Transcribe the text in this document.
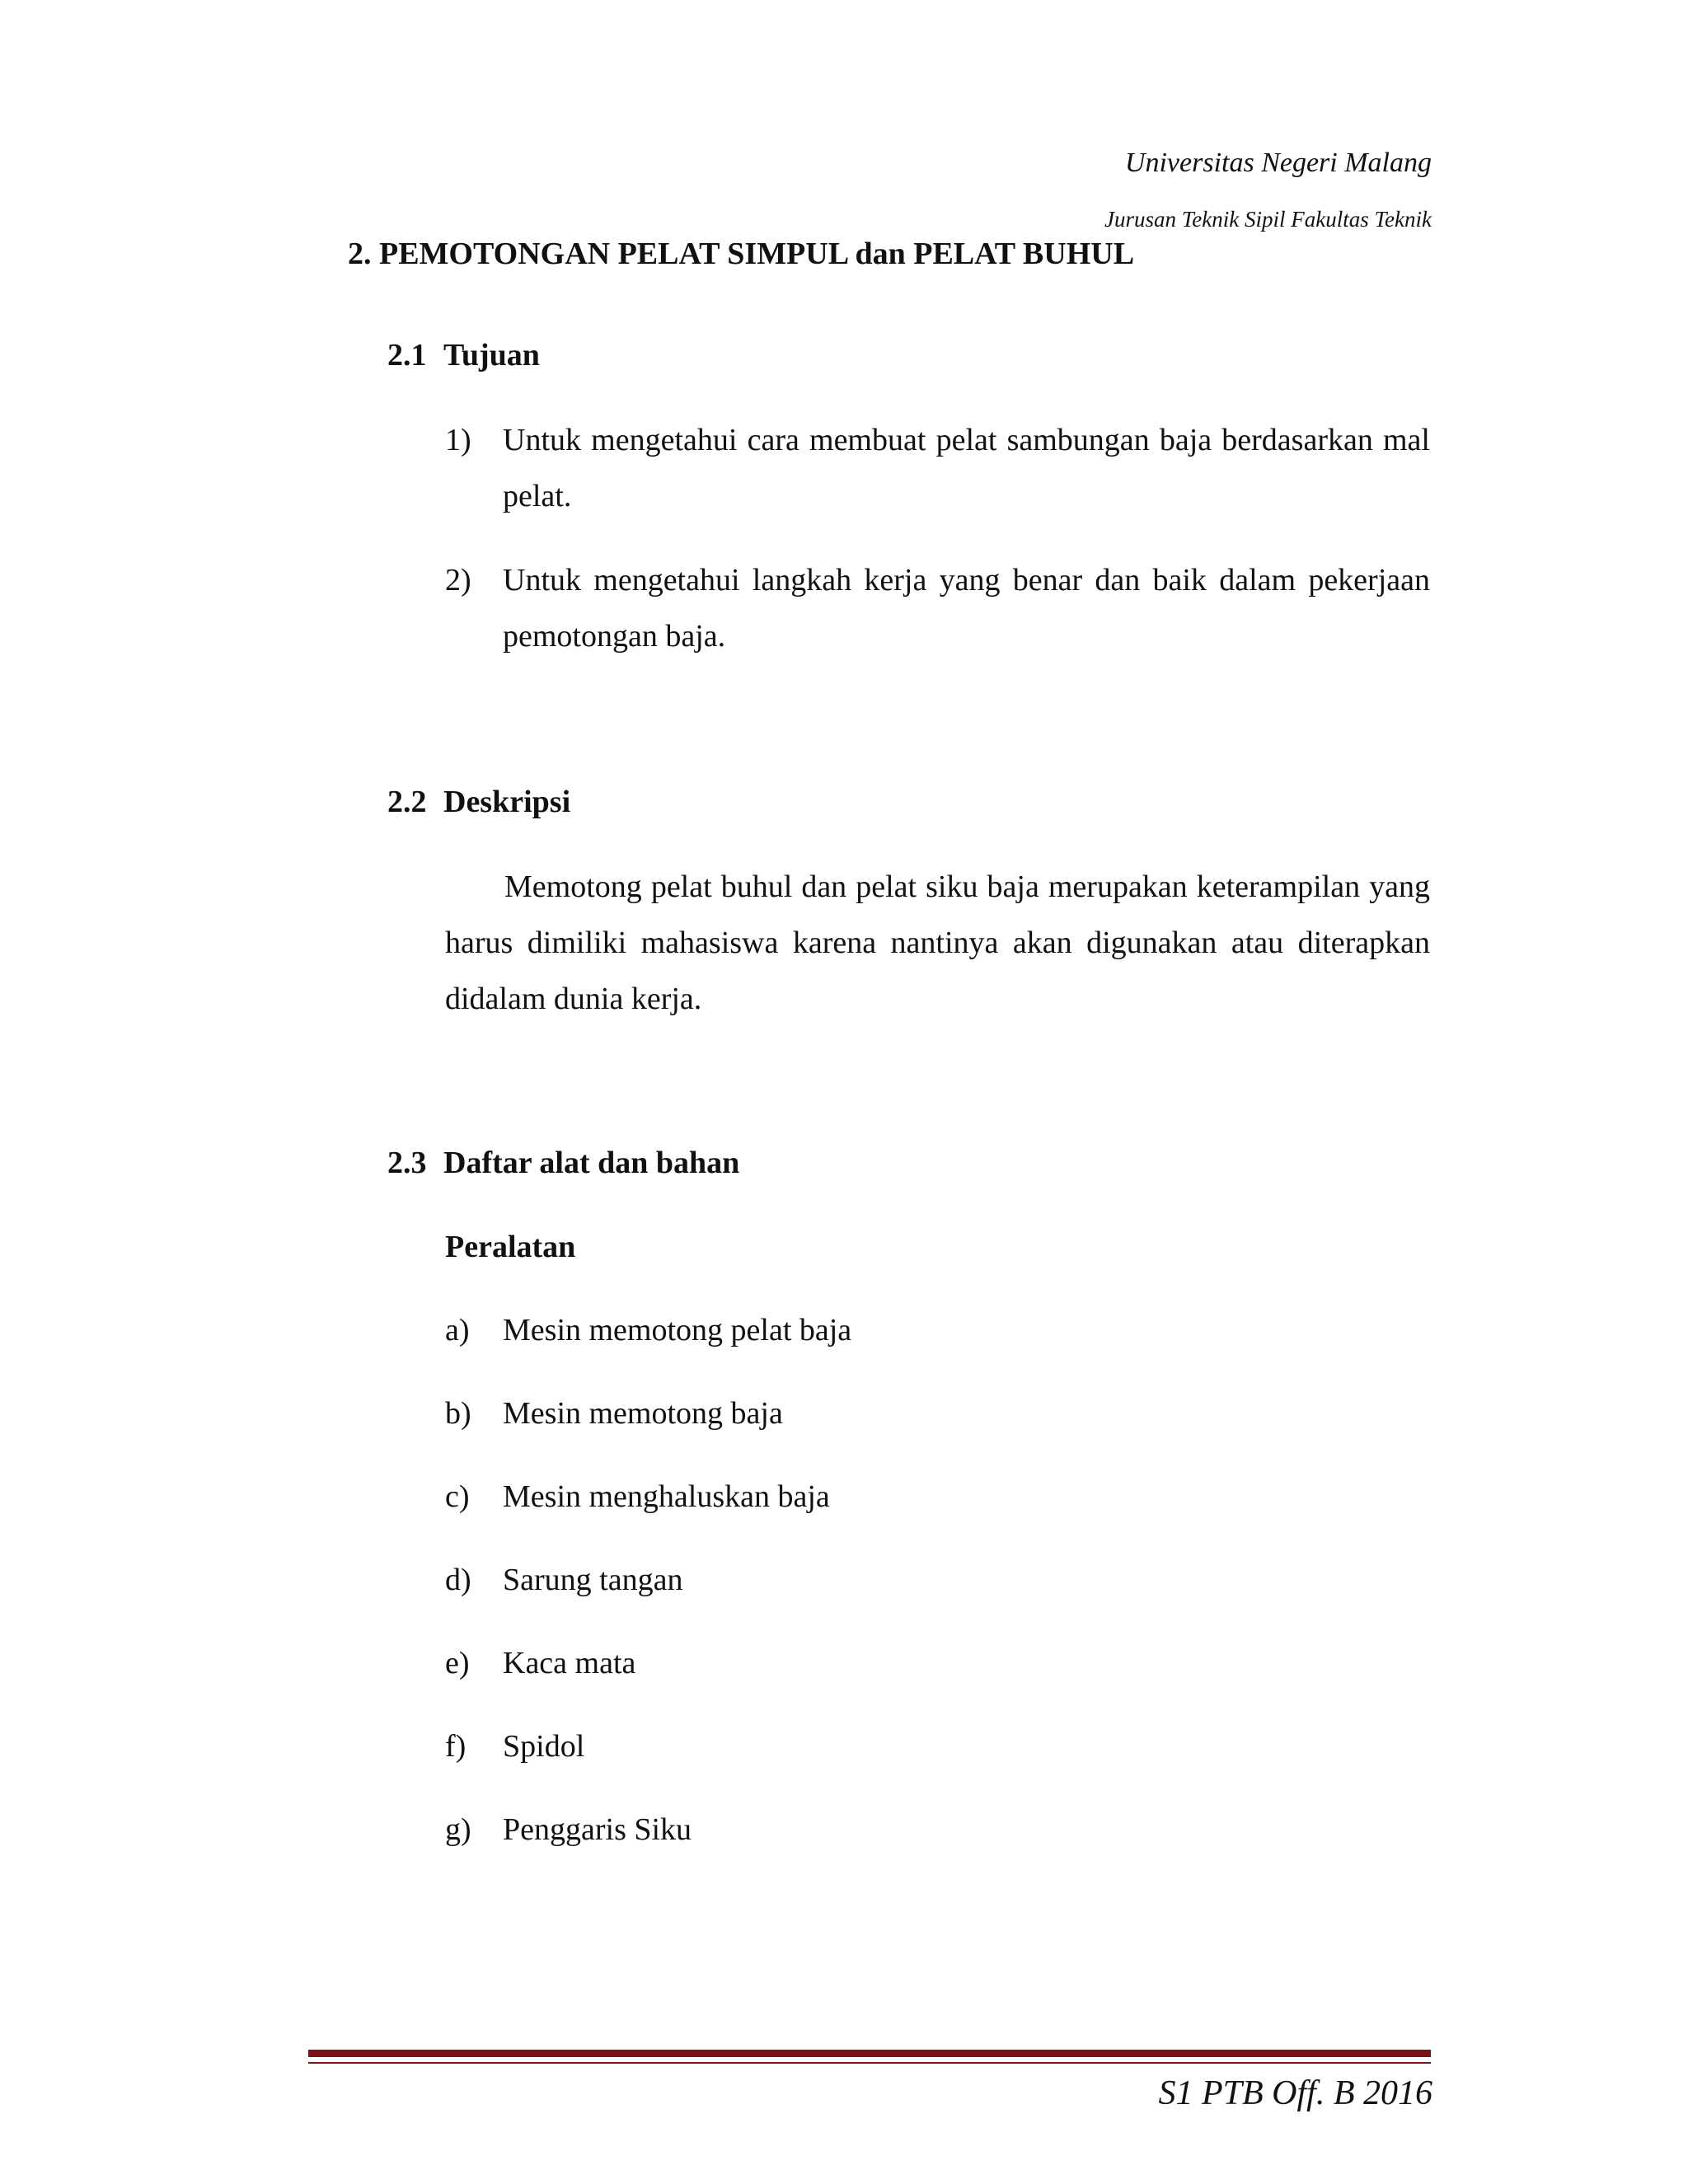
Universitas Negeri Malang
Jurusan Teknik Sipil Fakultas Teknik
2. PEMOTONGAN PELAT SIMPUL dan PELAT BUHUL
2.1 Tujuan
1)	Untuk mengetahui cara membuat pelat sambungan baja berdasarkan mal pelat.
2)	Untuk mengetahui langkah kerja yang benar dan baik dalam pekerjaan pemotongan baja.
2.2 Deskripsi
Memotong pelat buhul dan pelat siku baja merupakan keterampilan yang harus dimiliki mahasiswa karena nantinya akan digunakan atau diterapkan didalam dunia kerja.
2.3 Daftar alat dan bahan
Peralatan
a) Mesin memotong pelat baja
b) Mesin memotong baja
c) Mesin menghaluskan baja
d) Sarung tangan
e) Kaca mata
f) Spidol
g) Penggaris Siku
S1 PTB Off. B 2016
